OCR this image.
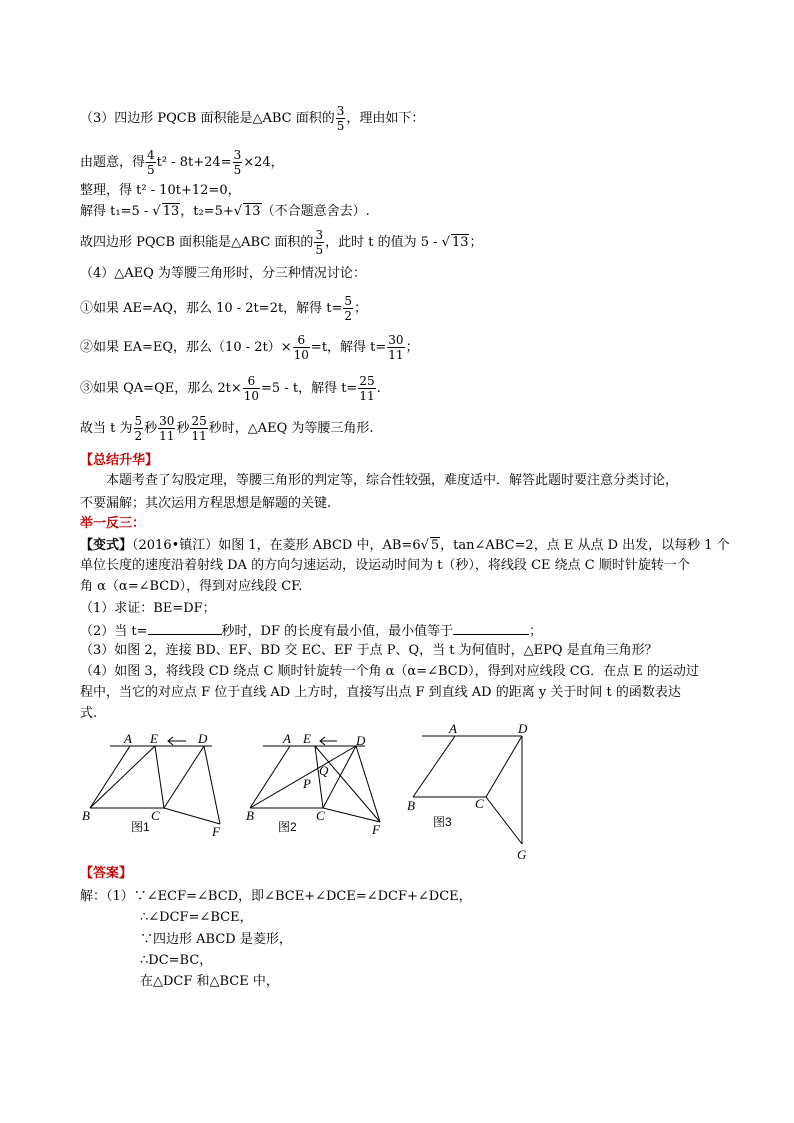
（3）四边形 PQCB 面积能是△ABC 面积的 $\frac{3}{5}$ ，理由如下：
由题意，得 $\frac{4}{5} t^2 - 8t+24= \frac{3}{5} \times 24$，
整理，得 t² - 10t+12=0，
解得 t₁=5 - √ 13，t₂=5+√ 13（不合题意舍去）.
故四边形 PQCB 面积能是△ABC 面积的 $\frac{3}{5}$ ，此时 t 的值为 5 - √ 13；
（4）△AEQ 为等腰三角形时，分三种情况讨论：
①如果 AE=AQ，那么 10 - 2t=2t，解得 $t= \frac{5}{2}$ ；
②如果 EA=EQ，那么$(10 - 2t)\times \frac{6}{10} =t$，解得 $t= \frac{30}{11}$ ；
③如果 QA=QE，那么 $2t\times \frac{6}{10} =5 - t$，解得 $t= \frac{25}{11}$ .
故当 t 为 $\frac{5}{2}$ 秒 $\frac{30}{11}$ 秒 $\frac{25}{11}$ 秒时，△AEQ 为等腰三角形.
【总结升华】
本题考查了勾股定理，等腰三角形的判定等，综合性较强，难度适中．解答此题时要注意分类讨论，
不要漏解；其次运用方程思想是解题的关键.
举一反三：
【变式】（2016•镇江）如图 1，在菱形 ABCD 中，AB=6√ 5，tan∠ABC=2，点 E 从点 D 出发，以每秒 1 个
单位长度的速度沿着射线 DA 的方向匀速运动，设运动时间为 t（秒），将线段 CE 绕点 C 顺时针旋转一个
角 α（α=∠BCD），得到对应线段 CF.
（1）求证：BE=DF；
（2）当 t=	秒时，DF 的长度有最小值，最小值等于	；
（3）如图 2，连接 BD、EF、BD 交 EC、EF 于点 P、Q，当 t 为何值时，△EPQ 是直角三角形？
（4）如图 3，将线段 CD 绕点 C 顺时针旋转一个角 α（α=∠BCD），得到对应线段 CG．在点 E 的运动过
程中，当它的对应点 F 位于直线 AD 上方时，直接写出点 F 到直线 AD 的距离 y 关于时间 t 的函数表达
式.
A E	D
B	C
F
图1
A E	D
Q
P
B	C
F
图2
A	D
B	C
G
图3
【答案】
解：（1）∵∠ECF=∠BCD，即∠BCE+∠DCE=∠DCF+∠DCE，
∴∠DCF=∠BCE，
∵四边形 ABCD 是菱形，
∴DC=BC，
在△DCF 和△BCE 中，
